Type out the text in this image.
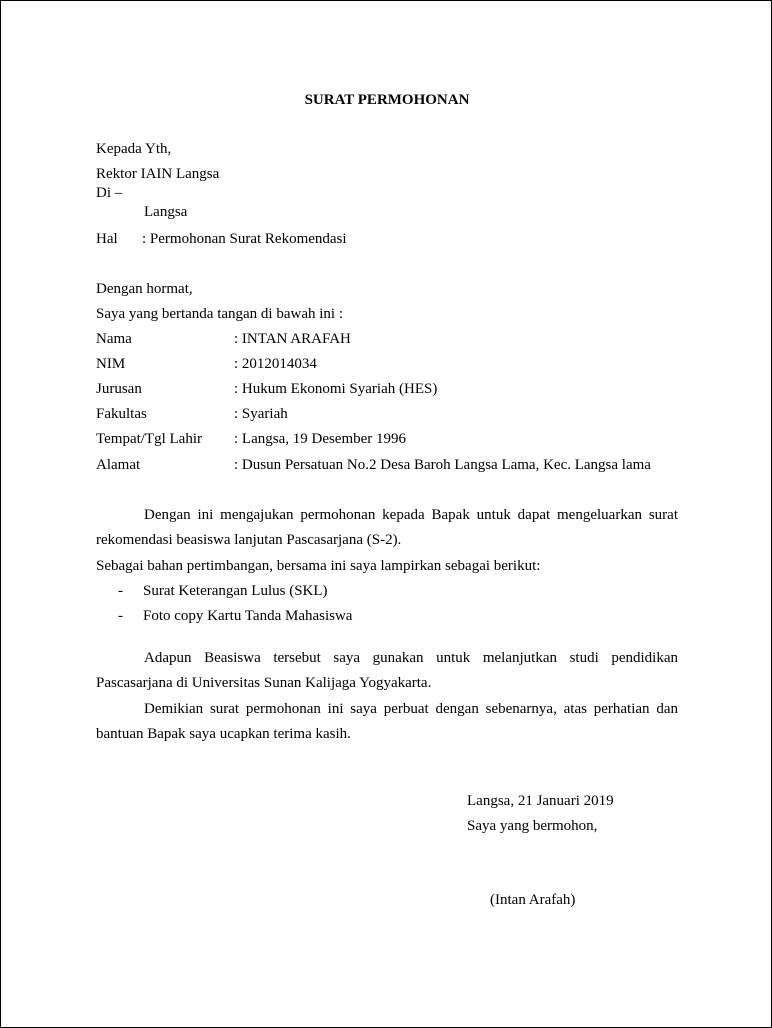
SURAT PERMOHONAN
Kepada Yth,
Rektor IAIN Langsa
Di –
Langsa
Hal : Permohonan Surat Rekomendasi
Dengan hormat,
Saya yang bertanda tangan di bawah ini :
Nama	: INTAN ARAFAH
NIM	: 2012014034
Jurusan	: Hukum Ekonomi Syariah (HES)
Fakultas	: Syariah
Tempat/Tgl Lahir : Langsa, 19 Desember 1996
Alamat	: Dusun Persatuan No.2 Desa Baroh Langsa Lama, Kec. Langsa lama
Dengan ini mengajukan permohonan kepada Bapak untuk dapat mengeluarkan surat
rekomendasi beasiswa lanjutan Pascasarjana (S-2).
Sebagai bahan pertimbangan, bersama ini saya lampirkan sebagai berikut:
- Surat Keterangan Lulus (SKL)
- Foto copy Kartu Tanda Mahasiswa
Adapun Beasiswa tersebut saya gunakan untuk melanjutkan studi pendidikan
Pascasarjana di Universitas Sunan Kalijaga Yogyakarta.
Demikian surat permohonan ini saya perbuat dengan sebenarnya, atas perhatian dan
bantuan Bapak saya ucapkan terima kasih.
Langsa, 21 Januari 2019
Saya yang bermohon,
(Intan Arafah)
